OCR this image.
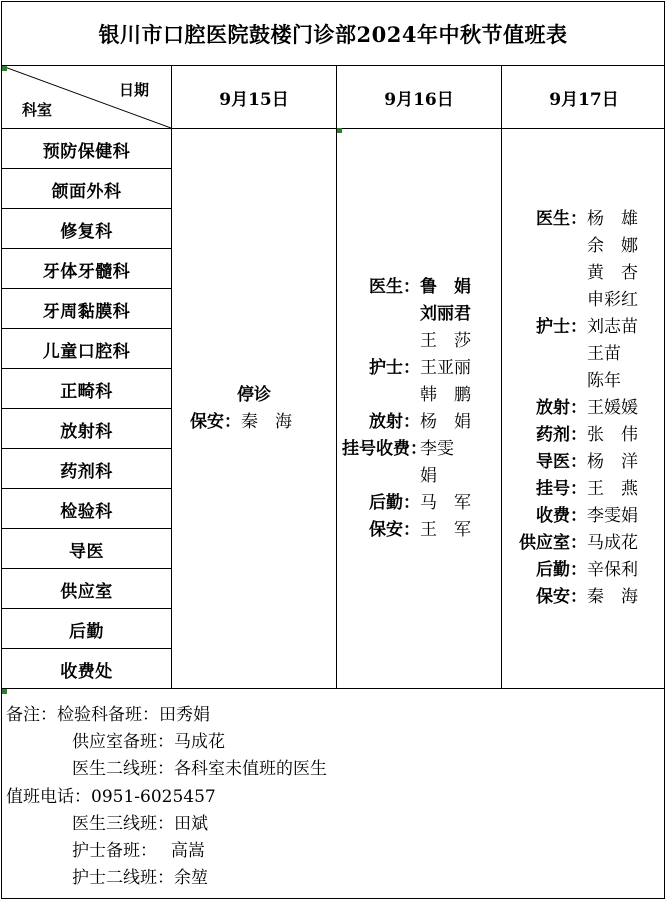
银川市口腔医院鼓楼门诊部2024年中秋节值班表
日期
科室
9月15日	9月16日	9月17日
预防保健科
颌面外科
修复科
牙体牙髓科
牙周黏膜科
儿童口腔科
正畸科
放射科
药剂科
检验科
导医
供应室
后勤
收费处
停诊
保安：秦　海
医生：鲁　娟
刘丽君
王　莎
护士：王亚丽
韩　鹏
放射：杨　娟
挂号收费：李雯
娟
后勤：马　军
保安：王　军
医生：杨　雄
余　娜
黄　杏
申彩红
护士：刘志苗
王苗
陈年
放射：王媛媛
药剂：张　伟
导医：杨　洋
挂号：王　燕
收费：李雯娟
供应室：马成花
后勤：辛保利
保安：秦　海
备注：检验科备班：田秀娟
供应室备班：马成花
医生二线班：各科室未值班的医生
值班电话：0951-6025457
医生三线班：田斌
护士备班：　 高嵩
护士二线班：余堃
